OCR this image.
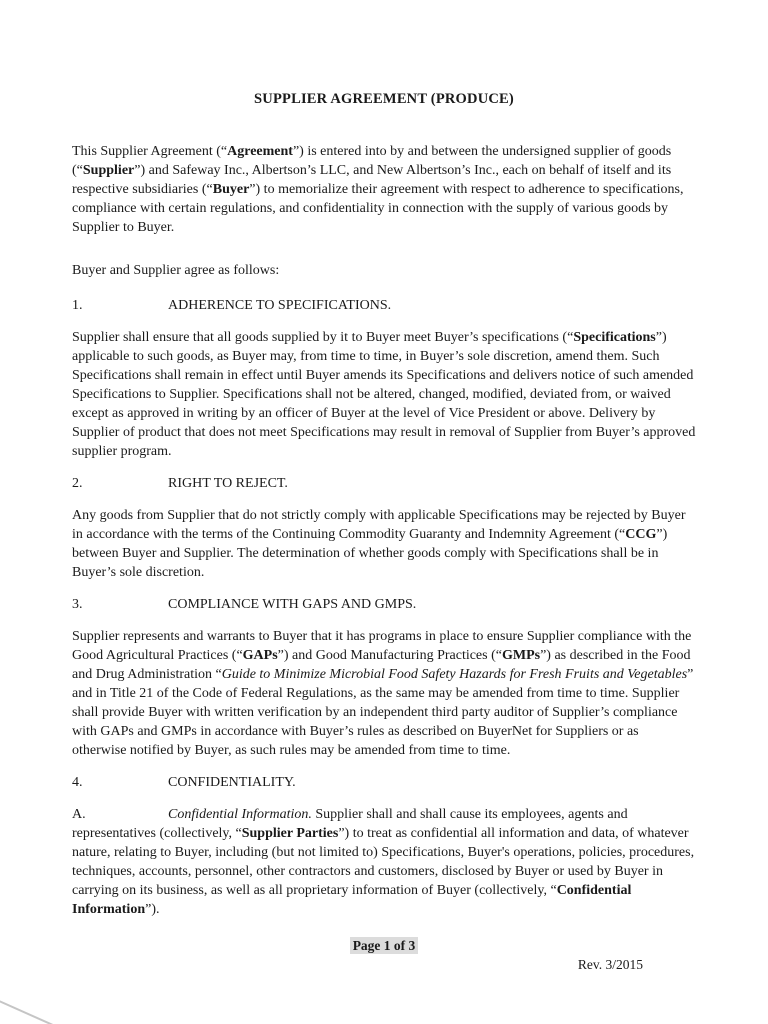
SUPPLIER AGREEMENT (PRODUCE)

This Supplier Agreement (“Agreement”) is entered into by and between the undersigned supplier of goods (“Supplier”) and Safeway Inc., Albertson’s LLC, and New Albertson’s Inc., each on behalf of itself and its respective subsidiaries (“Buyer”) to memorialize their agreement with respect to adherence to specifications, compliance with certain regulations, and confidentiality in connection with the supply of various goods by Supplier to Buyer.

Buyer and Supplier agree as follows:

1.	ADHERENCE TO SPECIFICATIONS.

Supplier shall ensure that all goods supplied by it to Buyer meet Buyer’s specifications (“Specifications”) applicable to such goods, as Buyer may, from time to time, in Buyer’s sole discretion, amend them. Such Specifications shall remain in effect until Buyer amends its Specifications and delivers notice of such amended Specifications to Supplier. Specifications shall not be altered, changed, modified, deviated from, or waived except as approved in writing by an officer of Buyer at the level of Vice President or above. Delivery by Supplier of product that does not meet Specifications may result in removal of Supplier from Buyer’s approved supplier program.

2.	RIGHT TO REJECT.

Any goods from Supplier that do not strictly comply with applicable Specifications may be rejected by Buyer in accordance with the terms of the Continuing Commodity Guaranty and Indemnity Agreement (“CCG”) between Buyer and Supplier. The determination of whether goods comply with Specifications shall be in Buyer’s sole discretion.

3.	COMPLIANCE WITH GAPS AND GMPS.

Supplier represents and warrants to Buyer that it has programs in place to ensure Supplier compliance with the Good Agricultural Practices (“GAPs”) and Good Manufacturing Practices (“GMPs”) as described in the Food and Drug Administration “Guide to Minimize Microbial Food Safety Hazards for Fresh Fruits and Vegetables” and in Title 21 of the Code of Federal Regulations, as the same may be amended from time to time. Supplier shall provide Buyer with written verification by an independent third party auditor of Supplier’s compliance with GAPs and GMPs in accordance with Buyer’s rules as described on BuyerNet for Suppliers or as otherwise notified by Buyer, as such rules may be amended from time to time.

4.	CONFIDENTIALITY.

A.	Confidential Information. Supplier shall and shall cause its employees, agents and representatives (collectively, “Supplier Parties”) to treat as confidential all information and data, of whatever nature, relating to Buyer, including (but not limited to) Specifications, Buyer's operations, policies, procedures, techniques, accounts, personnel, other contractors and customers, disclosed by Buyer or used by Buyer in carrying on its business, as well as all proprietary information of Buyer (collectively, “Confidential Information”).

Page 1 of 3
Rev. 3/2015
